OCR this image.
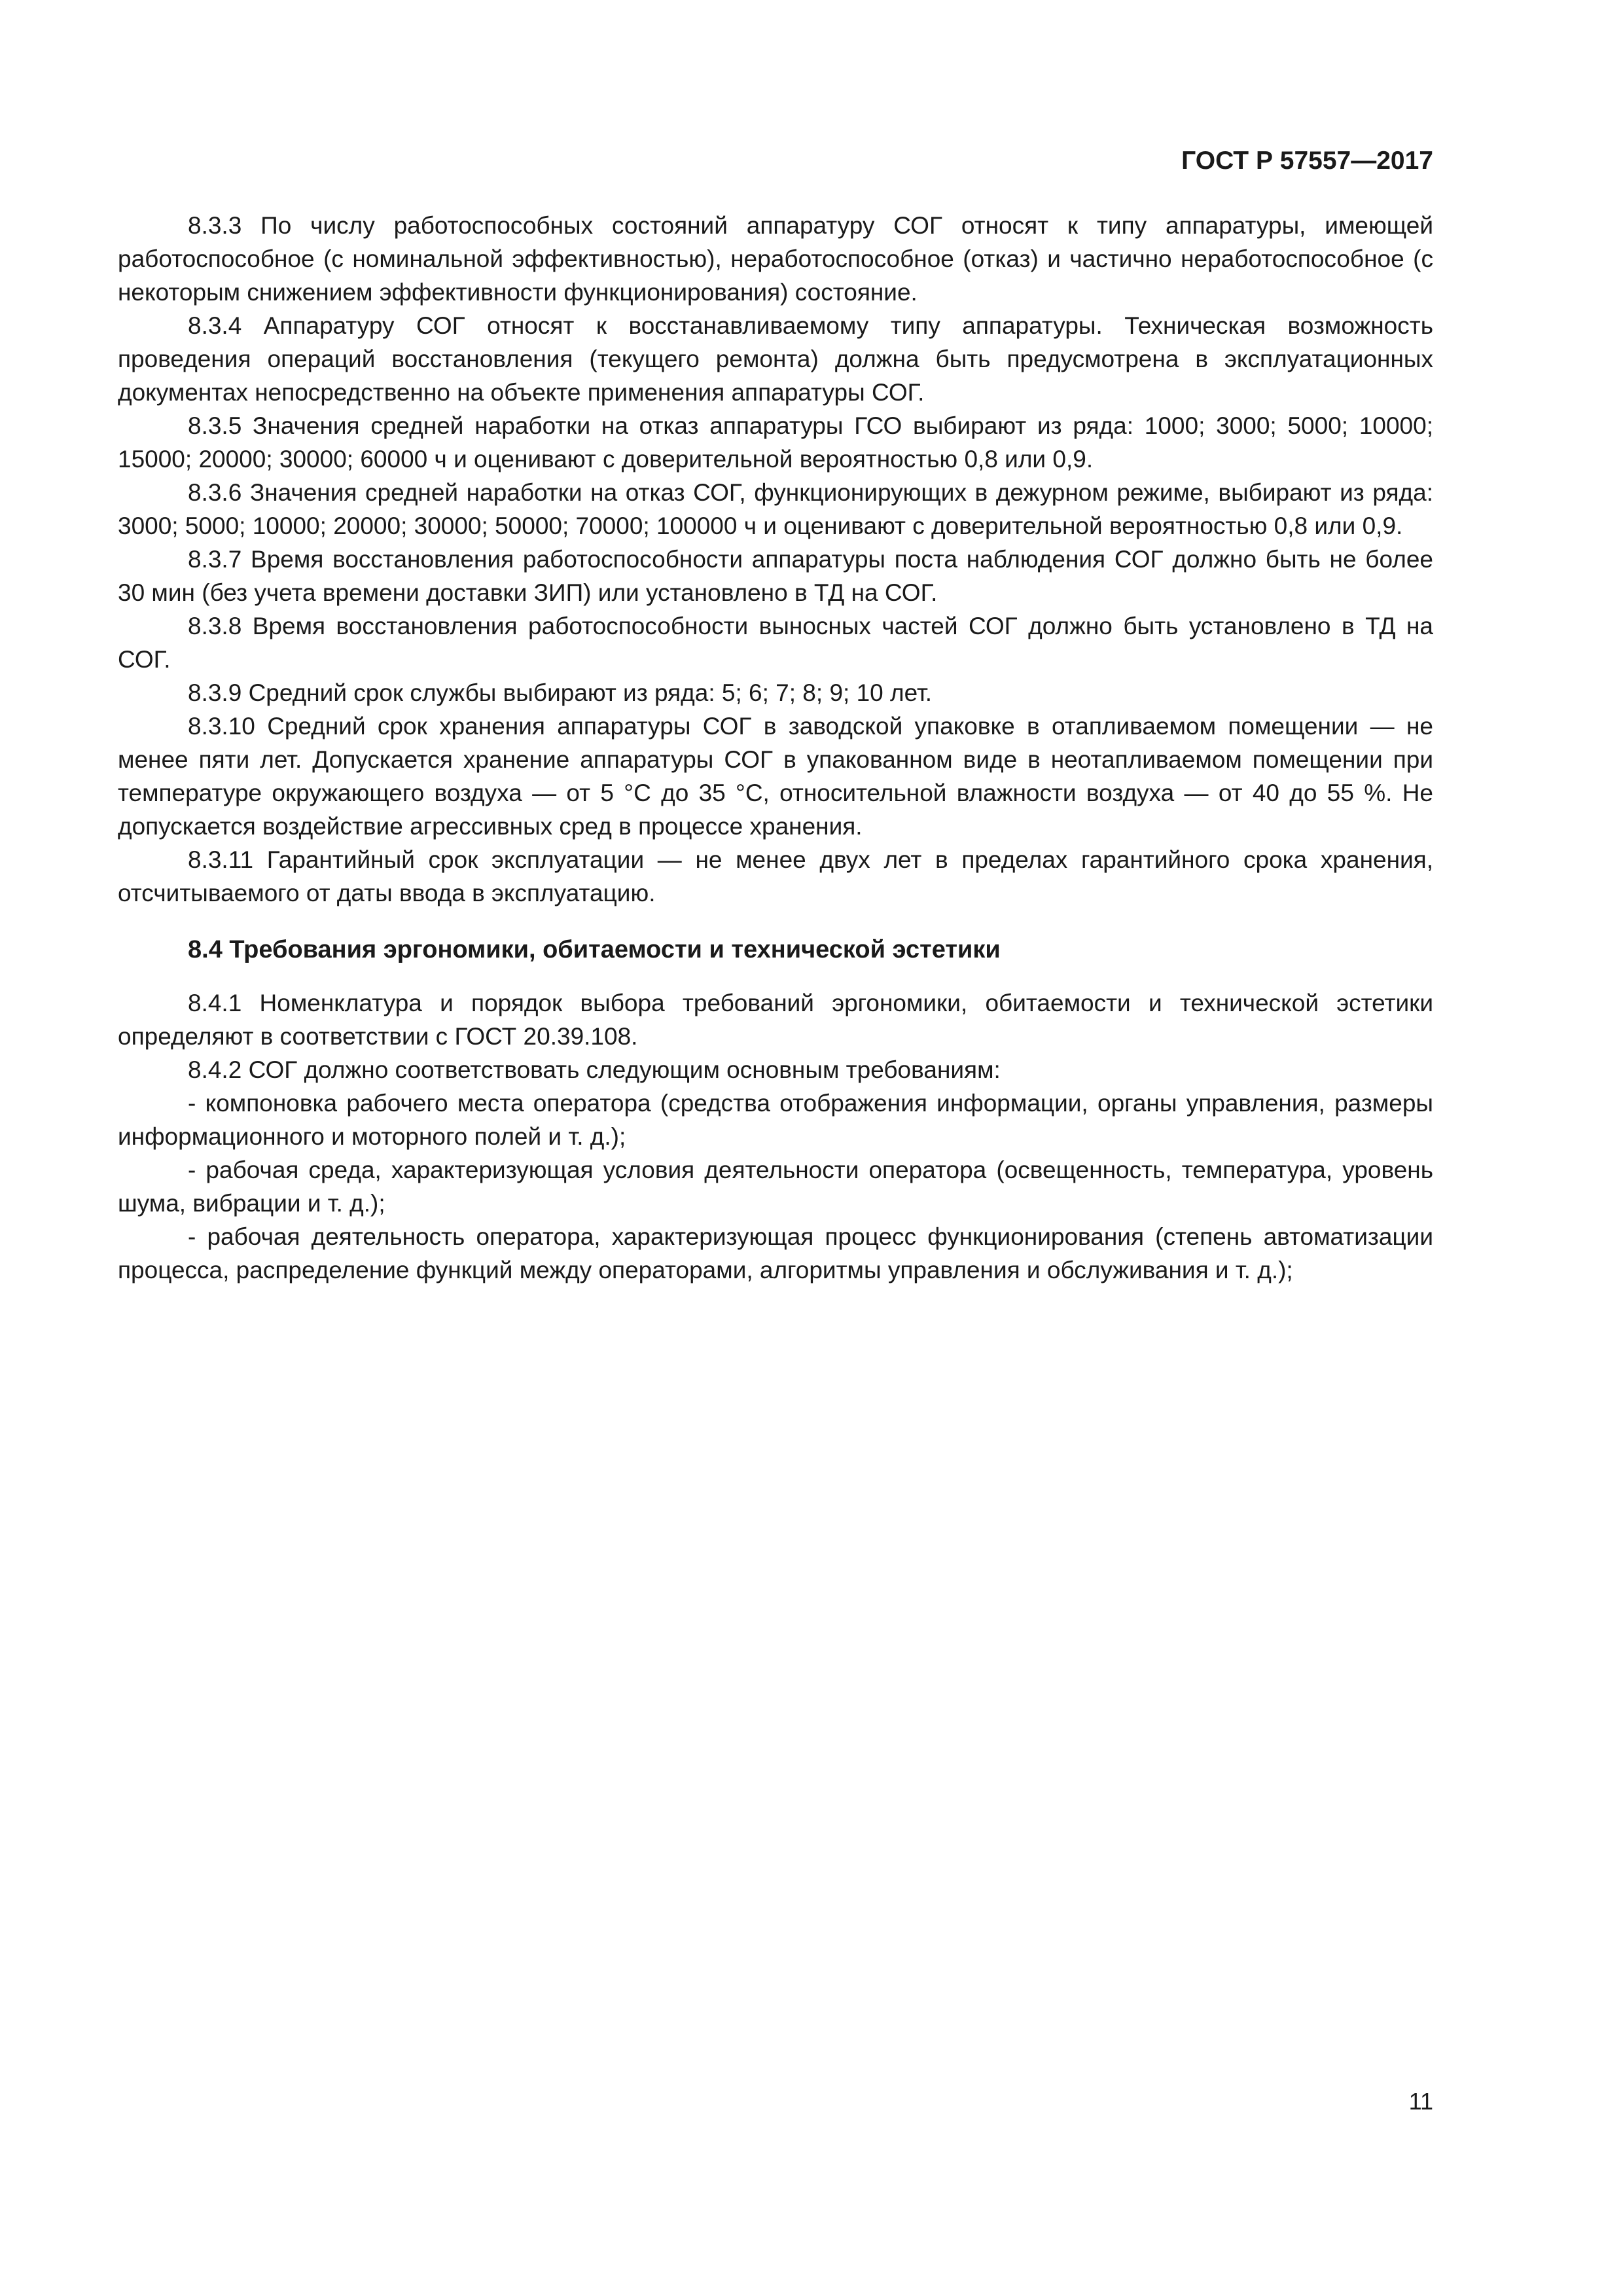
ГОСТ Р 57557—2017

8.3.3 По числу работоспособных состояний аппаратуру СОГ относят к типу аппаратуры, имеющей работоспособное (с номинальной эффективностью), неработоспособное (отказ) и частично неработоспособное (с некоторым снижением эффективности функционирования) состояние.

8.3.4 Аппаратуру СОГ относят к восстанавливаемому типу аппаратуры. Техническая возможность проведения операций восстановления (текущего ремонта) должна быть предусмотрена в эксплуатационных документах непосредственно на объекте применения аппаратуры СОГ.

8.3.5 Значения средней наработки на отказ аппаратуры ГСО выбирают из ряда: 1000; 3000; 5000; 10000; 15000; 20000; 30000; 60000 ч и оценивают с доверительной вероятностью 0,8 или 0,9.

8.3.6 Значения средней наработки на отказ СОГ, функционирующих в дежурном режиме, выбирают из ряда: 3000; 5000; 10000; 20000; 30000; 50000; 70000; 100000 ч и оценивают с доверительной вероятностью 0,8 или 0,9.

8.3.7 Время восстановления работоспособности аппаратуры поста наблюдения СОГ должно быть не более 30 мин (без учета времени доставки ЗИП) или установлено в ТД на СОГ.

8.3.8 Время восстановления работоспособности выносных частей СОГ должно быть установлено в ТД на СОГ.

8.3.9 Средний срок службы выбирают из ряда: 5; 6; 7; 8; 9; 10 лет.

8.3.10 Средний срок хранения аппаратуры СОГ в заводской упаковке в отапливаемом помещении — не менее пяти лет. Допускается хранение аппаратуры СОГ в упакованном виде в неотапливаемом помещении при температуре окружающего воздуха — от 5 °С до 35 °С, относительной влажности воздуха — от 40 до 55 %. Не допускается воздействие агрессивных сред в процессе хранения.

8.3.11 Гарантийный срок эксплуатации — не менее двух лет в пределах гарантийного срока хранения, отсчитываемого от даты ввода в эксплуатацию.

8.4 Требования эргономики, обитаемости и технической эстетики

8.4.1 Номенклатура и порядок выбора требований эргономики, обитаемости и технической эстетики определяют в соответствии с ГОСТ 20.39.108.

8.4.2 СОГ должно соответствовать следующим основным требованиям:

- компоновка рабочего места оператора (средства отображения информации, органы управления, размеры информационного и моторного полей и т. д.);

- рабочая среда, характеризующая условия деятельности оператора (освещенность, температура, уровень шума, вибрации и т. д.);

- рабочая деятельность оператора, характеризующая процесс функционирования (степень автоматизации процесса, распределение функций между операторами, алгоритмы управления и обслуживания и т. д.);

11
